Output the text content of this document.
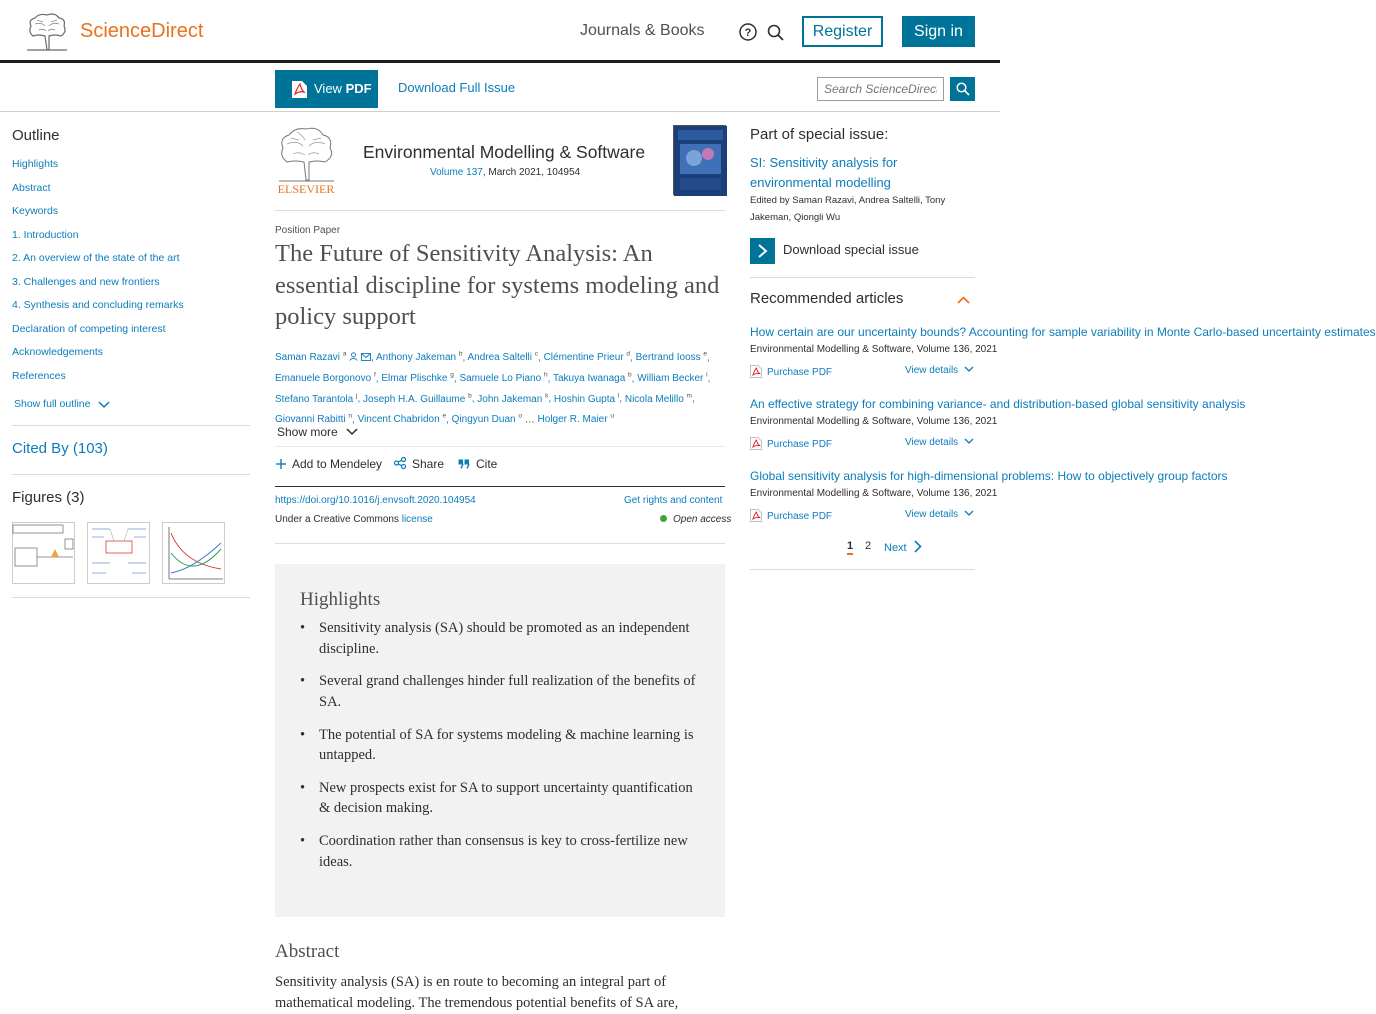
ScienceDirect	Journals & Books	?	Register	Sign in
View PDF Download Full Issue
Search ScienceDirect
Outline
Highlights
Abstract
Keywords
1. Introduction
2. An overview of the state of the art
3. Challenges and new frontiers
4. Synthesis and concluding remarks
Declaration of competing interest
Acknowledgements
References
Show full outline
Cited By (103)
Figures (3)
ELSEVIER
Environmental Modelling & Software
Volume 137, March 2021, 104954
Position Paper
The Future of Sensitivity Analysis: An essential discipline for systems modeling and policy support
Saman Razavi $^a$ , Anthony Jakeman $^b$, Andrea Saltelli $^c$, Clémentine Prieur $^d$, Bertrand Iooss $^e$, Emanuele Borgonovo $^f$, Elmar Plischke $^g$, Samuele Lo Piano $^h$, Takuya Iwanaga $^b$, William Becker $^i$, Stefano Tarantola $^j$, Joseph H.A. Guillaume $^b$, John Jakeman $^k$, Hoshin Gupta $^l$, Nicola Melillo $^m$, Giovanni Rabitti $^n$, Vincent Chabridon $^e$, Qingyun Duan $^o$ … Holger R. Maier $^u$
Show more
Add to Mendeley	Share	Cite
https://doi.org/10.1016/j.envsoft.2020.104954	Get rights and content
Under a Creative Commons license	Open access
Highlights
• Sensitivity analysis (SA) should be promoted as an independent discipline.
• Several grand challenges hinder full realization of the benefits of SA.
• The potential of SA for systems modeling & machine learning is untapped.
• New prospects exist for SA to support uncertainty quantification & decision making.
• Coordination rather than consensus is key to cross-fertilize new ideas.
Abstract

Sensitivity analysis (SA) is en route to becoming an integral part of mathematical modeling. The tremendous potential benefits of SA are,

Part of special issue:
SI: Sensitivity analysis for environmental modelling
Edited by Saman Razavi, Andrea Saltelli, Tony Jakeman, Qiongli Wu
Download special issue
Recommended articles
How certain are our uncertainty bounds? Accounting for sample variability in Monte Carlo-based uncertainty estimates
Environmental Modelling & Software, Volume 136, 2021
Purchase PDF	View details
An effective strategy for combining variance- and distribution-based global sensitivity analysis
Environmental Modelling & Software, Volume 136, 2021
Purchase PDF	View details
Global sensitivity analysis for high-dimensional problems: How to objectively group factors
Environmental Modelling & Software, Volume 136, 2021
Purchase PDF	View details
1 2 Next
